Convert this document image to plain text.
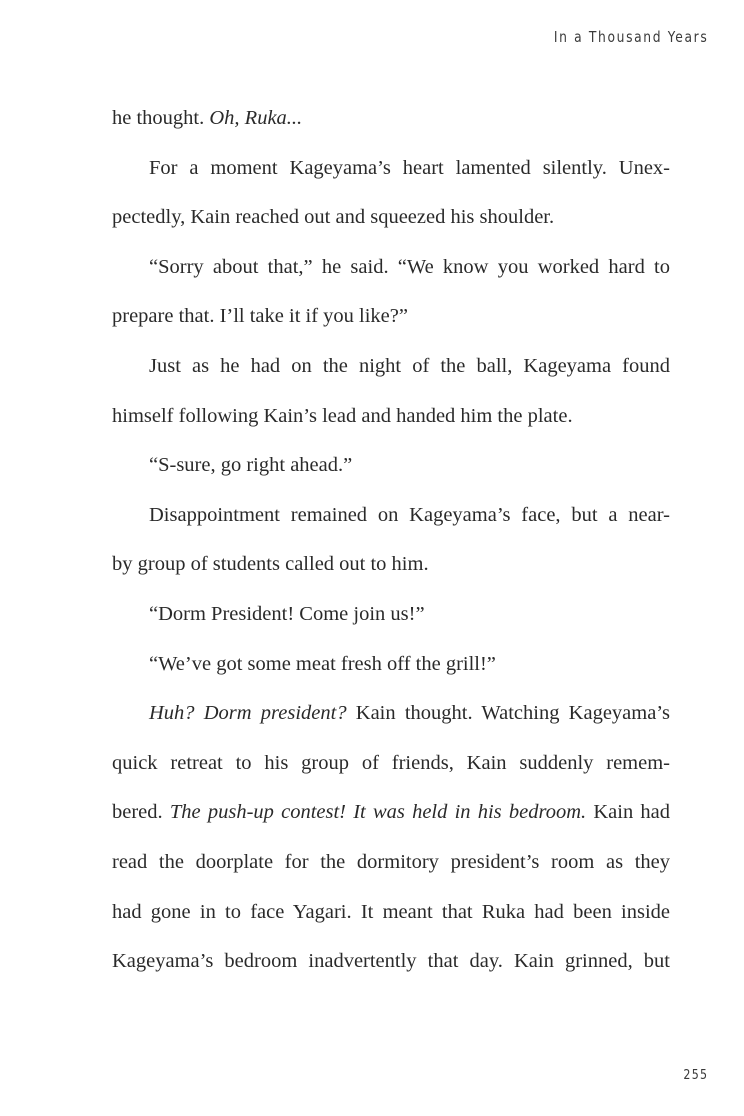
In a Thousand Years
he thought. Oh, Ruka...
For a moment Kageyama’s heart lamented silently. Unex-
pectedly, Kain reached out and squeezed his shoulder.
“Sorry about that,” he said. “We know you worked hard to
prepare that. I’ll take it if you like?”
Just as he had on the night of the ball, Kageyama found
himself following Kain’s lead and handed him the plate.
“S-sure, go right ahead.”
Disappointment remained on Kageyama’s face, but a near-
by group of students called out to him.
“Dorm President! Come join us!”
“We’ve got some meat fresh off the grill!”
Huh? Dorm president? Kain thought. Watching Kageyama’s
quick retreat to his group of friends, Kain suddenly remem-
bered. The push-up contest! It was held in his bedroom. Kain had
read the doorplate for the dormitory president’s room as they
had gone in to face Yagari. It meant that Ruka had been inside
Kageyama’s bedroom inadvertently that day. Kain grinned, but
255
